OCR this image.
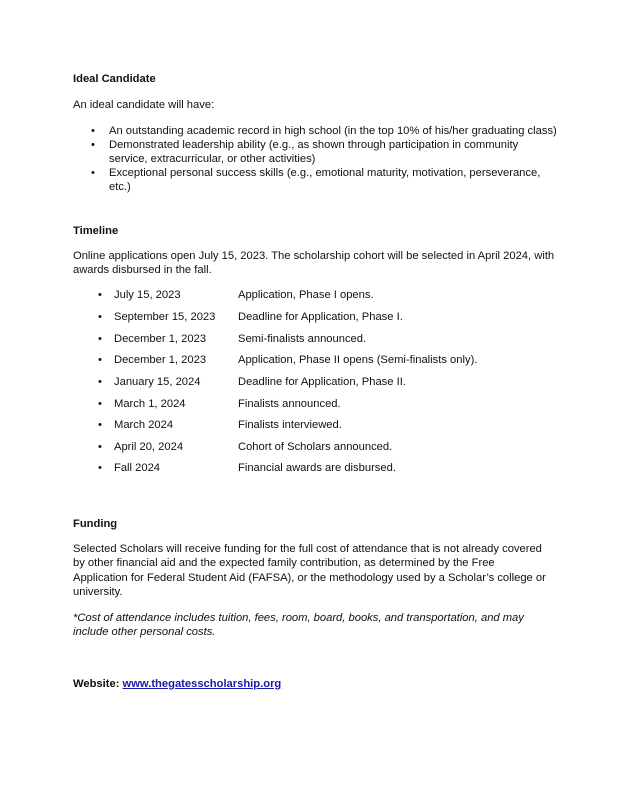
Ideal Candidate
An ideal candidate will have:
• An outstanding academic record in high school (in the top 10% of his/her graduating class)
• Demonstrated leadership ability (e.g., as shown through participation in community
service, extracurricular, or other activities)
• Exceptional personal success skills (e.g., emotional maturity, motivation, perseverance,
etc.)
Timeline
Online applications open July 15, 2023. The scholarship cohort will be selected in April 2024, with
awards disbursed in the fall.
• July 15, 2023	Application, Phase I opens.
• September 15, 2023 Deadline for Application, Phase I.
• December 1, 2023	Semi-finalists announced.
• December 1, 2023	Application, Phase II opens (Semi-finalists only).
• January 15, 2024	Deadline for Application, Phase II.
• March 1, 2024	Finalists announced.
• March 2024	Finalists interviewed.
• April 20, 2024	Cohort of Scholars announced.
• Fall 2024	Financial awards are disbursed.
Funding
Selected Scholars will receive funding for the full cost of attendance that is not already covered
by other financial aid and the expected family contribution, as determined by the Free
Application for Federal Student Aid (FAFSA), or the methodology used by a Scholar’s college or
university.
*Cost of attendance includes tuition, fees, room, board, books, and transportation, and may
include other personal costs.
Website: www.thegatesscholarship.org
